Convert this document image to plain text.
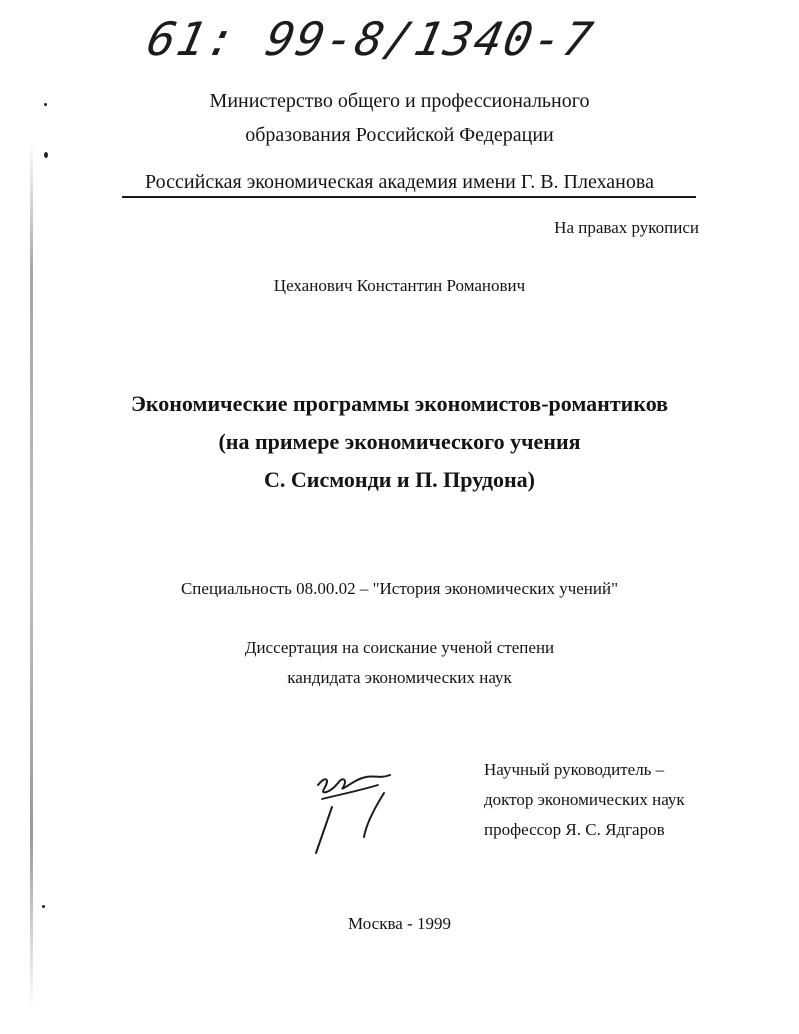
61: 99-8/1340-7
Министерство общего и профессионального
образования Российской Федерации
Российская экономическая академия имени Г. В. Плеханова
На правах рукописи
Цеханович Константин Романович
Экономические программы экономистов-романтиков
(на примере экономического учения
С. Сисмонди и П. Прудона)
Специальность 08.00.02 – "История экономических учений"
Диссертация на соискание ученой степени
кандидата экономических наук
Научный руководитель –
доктор экономических наук
профессор Я. С. Ядгаров
Москва - 1999
